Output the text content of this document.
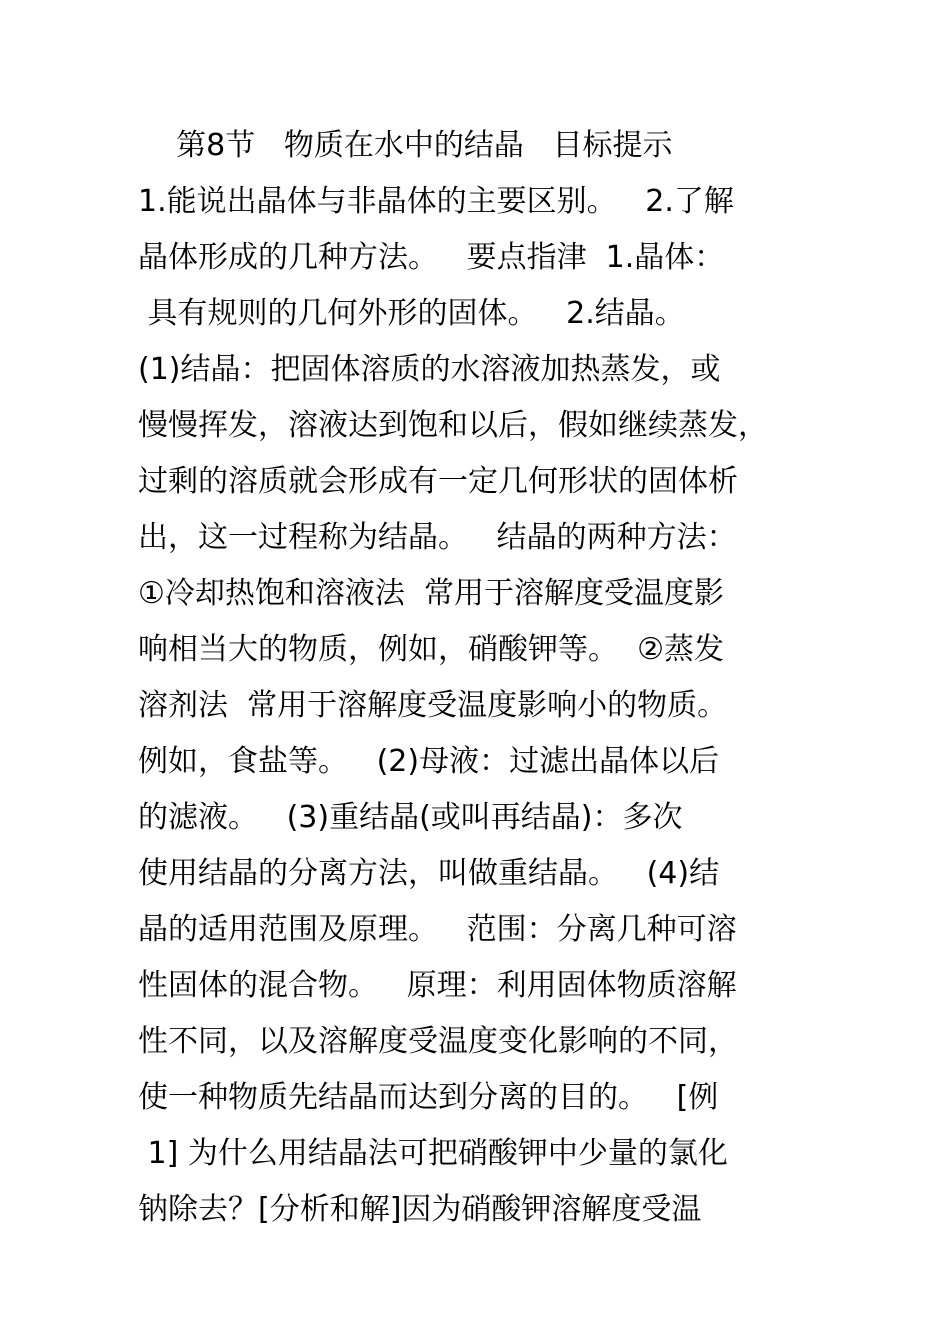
第8节   物质在水中的结晶   目标提示
1.能说出晶体与非晶体的主要区别。   2.了解
晶体形成的几种方法。   要点指津  1.晶体：
具有规则的几何外形的固体。   2.结晶。
(1)结晶：把固体溶质的水溶液加热蒸发，或
慢慢挥发，溶液达到饱和以后，假如继续蒸发，
过剩的溶质就会形成有一定几何形状的固体析
出，这一过程称为结晶。   结晶的两种方法：
①冷却热饱和溶液法  常用于溶解度受温度影
响相当大的物质，例如，硝酸钾等。  ②蒸发
溶剂法  常用于溶解度受温度影响小的物质。
例如，食盐等。   (2)母液：过滤出晶体以后
的滤液。   (3)重结晶(或叫再结晶)：多次
使用结晶的分离方法，叫做重结晶。   (4)结
晶的适用范围及原理。   范围：分离几种可溶
性固体的混合物。   原理：利用固体物质溶解
性不同，以及溶解度受温度变化影响的不同，
使一种物质先结晶而达到分离的目的。   [例
1] 为什么用结晶法可把硝酸钾中少量的氯化
钠除去？[分析和解]因为硝酸钾溶解度受温
